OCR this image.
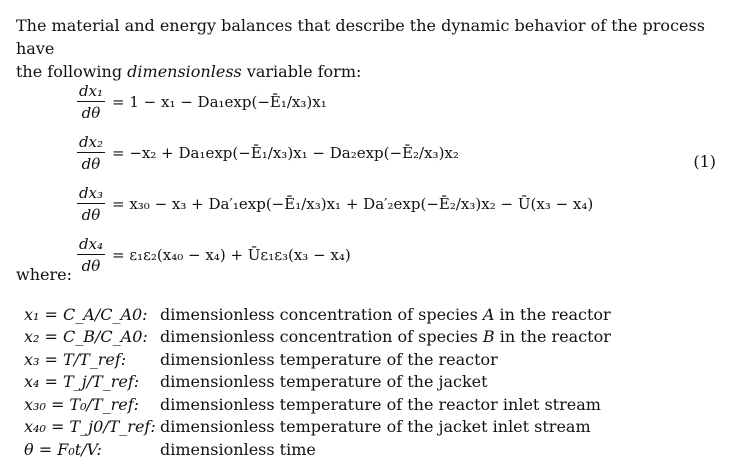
The material and energy balances that describe the dynamic behavior of the process have
the following dimensionless variable form:

$\frac{\text{dx₁}}{d\theta} = 1 - x_1$ − Da₁exp(−Ē₁/x₃)x₁
$\frac{\text{dx₂}}{d\theta} = -x_2$ + Da₁exp(−Ē₁/x₃)x₁ − Da₂exp(−Ē₂/x₃)x₂
$\frac{\text{dx₃}}{d\theta} = x_{30} - x_3$ + Da′₁exp(−Ē₁/x₃)x₁ + Da′₂exp(−Ē₂/x₃)x₂ − Ū(x₃ − x₄)
$\frac{\text{dx₄}}{d\theta} = \varepsilon_1\varepsilon_2(x_{40} - x_4)$ + Ūε₁ε₃(x₃ − x₄)
(1)

where:

x₁ = C_A/C_A0: dimensionless concentration of species A in the reactor
x₂ = C_B/C_A0: dimensionless concentration of species B in the reactor
x₃ = T/T_ref:	dimensionless temperature of the reactor
x₄ = T_j/T_ref:	dimensionless temperature of the jacket
x₃₀ = T₀/T_ref:	dimensionless temperature of the reactor inlet stream
x₄₀ = T_j0/T_ref: dimensionless temperature of the jacket inlet stream
θ = F₀t/V:	dimensionless time
